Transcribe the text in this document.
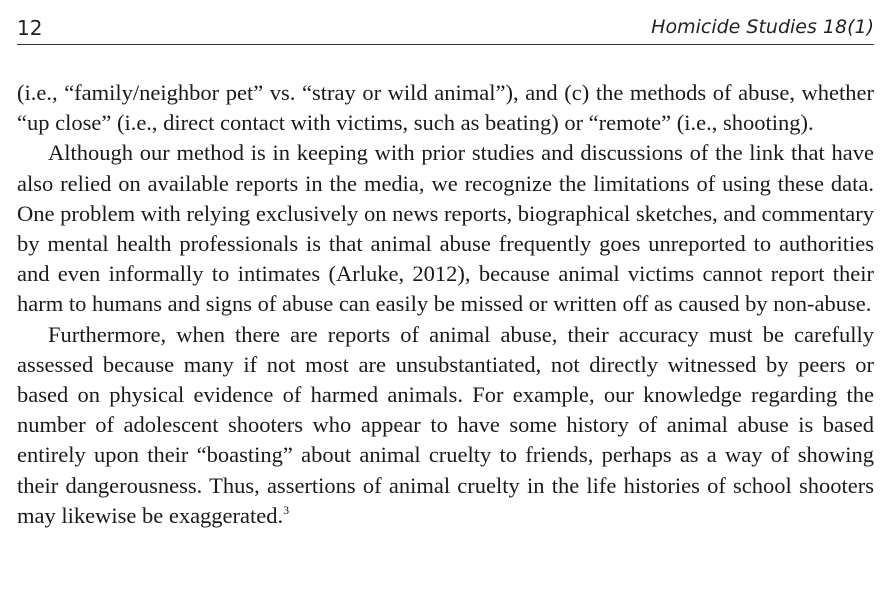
12	Homicide Studies 18(1)

(i.e., “family/neighbor pet” vs. “stray or wild animal”), and (c) the methods of abuse, whether “up close” (i.e., direct contact with victims, such as beating) or “remote” (i.e., shooting).

Although our method is in keeping with prior studies and discussions of the link that have also relied on available reports in the media, we recognize the limitations of using these data. One problem with relying exclusively on news reports, biographical sketches, and commentary by mental health professionals is that animal abuse frequently goes unreported to authorities and even informally to intimates (Arluke, 2012), because animal victims cannot report their harm to humans and signs of abuse can easily be missed or written off as caused by non-abuse.

Furthermore, when there are reports of animal abuse, their accuracy must be carefully assessed because many if not most are unsubstantiated, not directly witnessed by peers or based on physical evidence of harmed animals. For example, our knowledge regarding the number of adolescent shooters who appear to have some history of animal abuse is based entirely upon their “boasting” about animal cruelty to friends, perhaps as a way of showing their dangerousness. Thus, assertions of animal cruelty in the life histories of school shooters may likewise be exaggerated.$^3$
